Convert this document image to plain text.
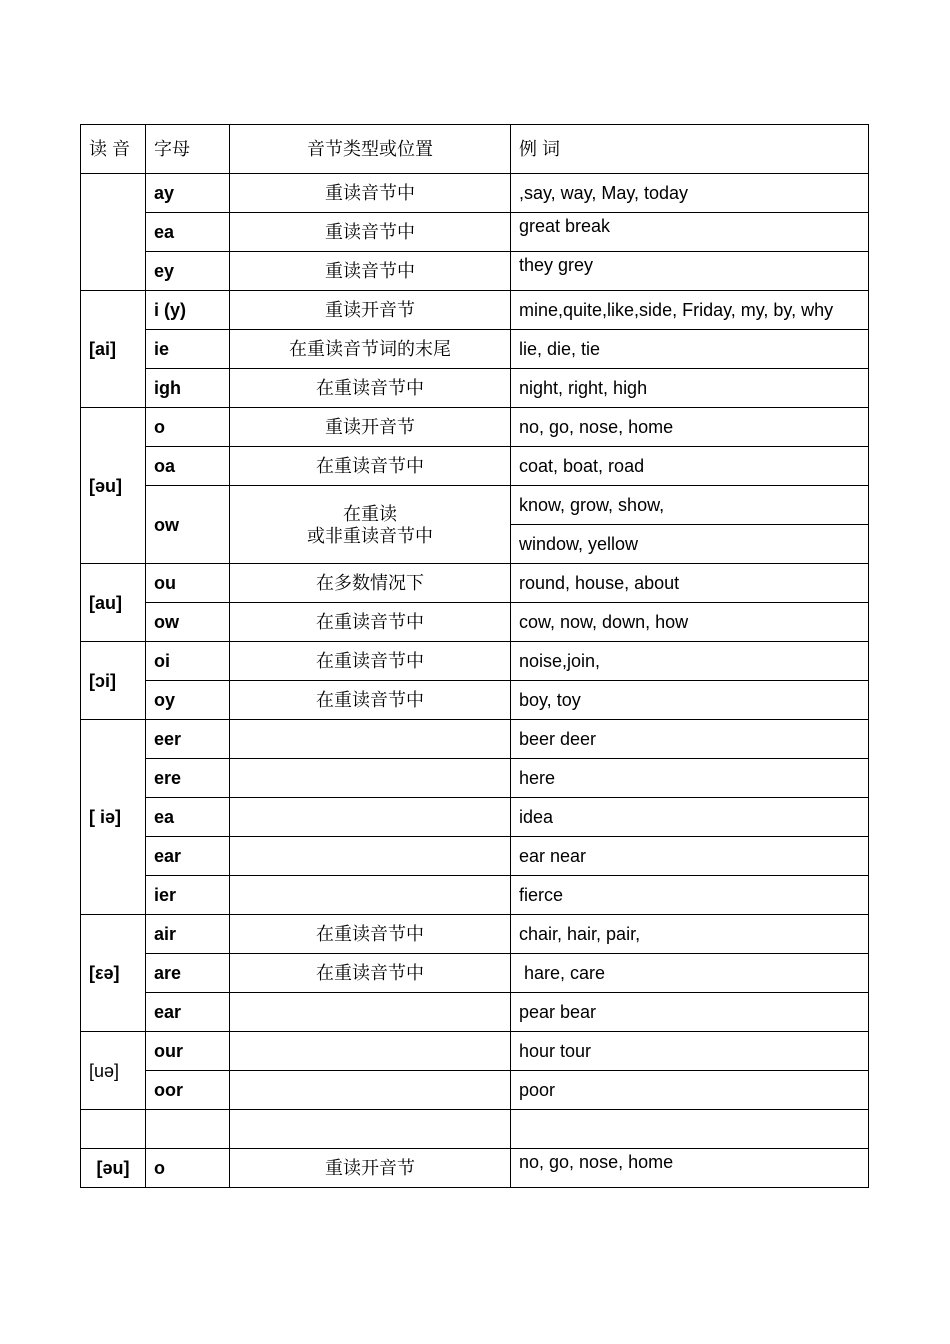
读 音	字母	音节类型或位置	例 词
	ay	重读音节中	,say, way, May, today
	ea	重读音节中	great break
	ey	重读音节中	they grey
[ai]	i (y)	重读开音节	mine,quite,like,side, Friday, my, by, why
	ie	在重读音节词的末尾	lie, die, tie
	igh	在重读音节中	night, right, high
[əu]	o	重读开音节	no, go, nose, home
	oa	在重读音节中	coat, boat, road
	ow	在重读
或非重读音节中	know, grow, show,
			window, yellow
[au]	ou	在多数情况下	round, house, about
	ow	在重读音节中	cow, now, down, how
[ɔi]	oi	在重读音节中	noise,join,
	oy	在重读音节中	boy, toy
[ iə]	eer		beer deer
	ere		here
	ea		idea
	ear		ear near
	ier		fierce
[εə]	air	在重读音节中	chair, hair, pair,
	are	在重读音节中	hare, care
	ear		pear bear
[uə]	our		hour tour
	oor		poor

[əu]	o	重读开音节	no, go, nose, home
